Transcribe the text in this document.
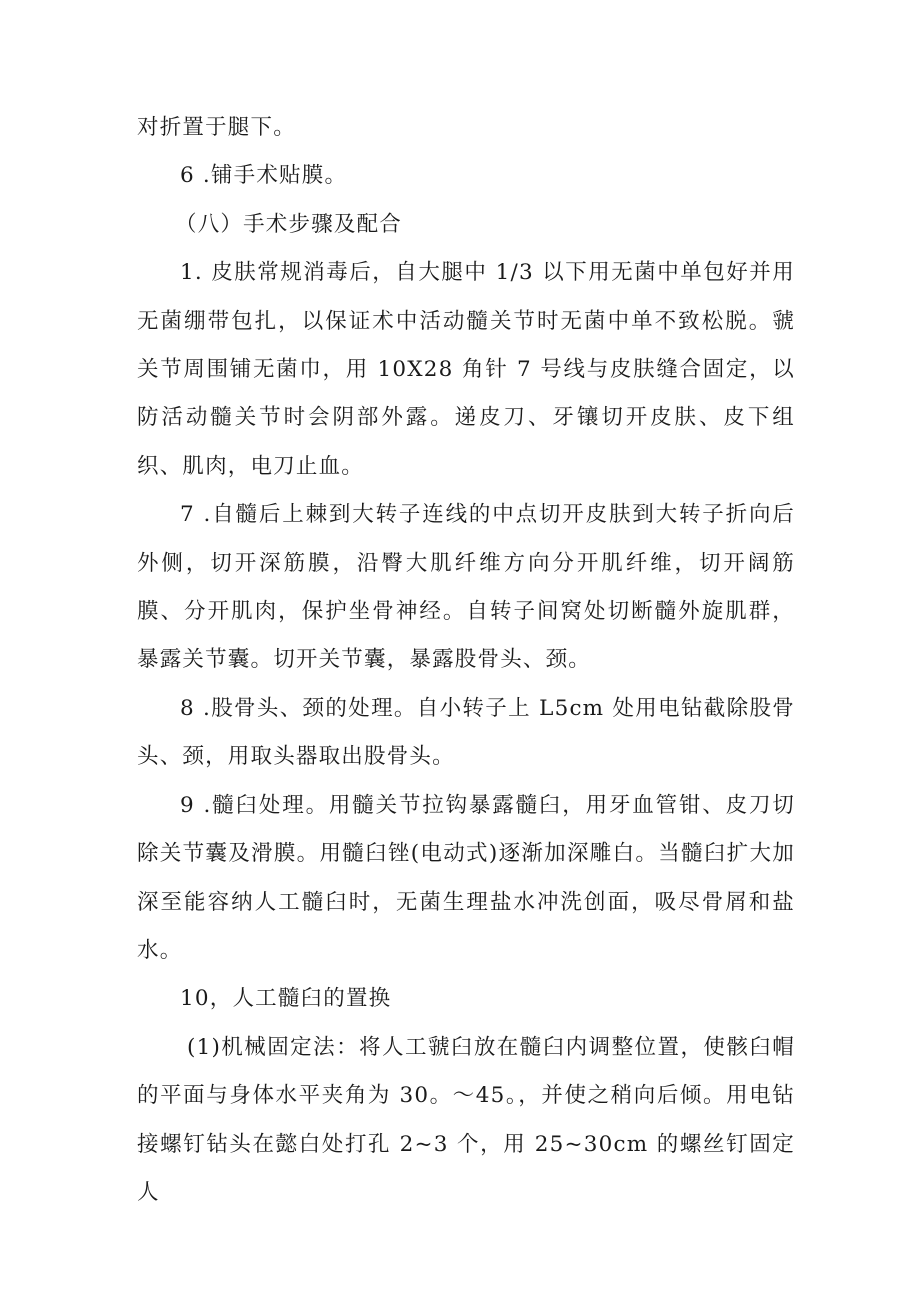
对折置于腿下。

6 .铺手术贴膜。

（八）手术步骤及配合

1. 皮肤常规消毒后，自大腿中 1/3 以下用无菌中单包好并用无菌绷带包扎，以保证术中活动髓关节时无菌中单不致松脱。虢关节周围铺无菌巾，用 10X28 角针 7 号线与皮肤缝合固定，以防活动髓关节时会阴部外露。递皮刀、牙镶切开皮肤、皮下组织、肌肉，电刀止血。

7 .自髓后上棘到大转子连线的中点切开皮肤到大转子折向后外侧，切开深筋膜，沿臀大肌纤维方向分开肌纤维，切开阔筋膜、分开肌肉，保护坐骨神经。自转子间窝处切断髓外旋肌群，暴露关节囊。切开关节囊，暴露股骨头、颈。

8 .股骨头、颈的处理。自小转子上 L5cm 处用电钻截除股骨头、颈，用取头器取出股骨头。

9 .髓臼处理。用髓关节拉钩暴露髓臼，用牙血管钳、皮刀切除关节囊及滑膜。用髓臼锉(电动式)逐渐加深雕白。当髓臼扩大加深至能容纳人工髓臼时，无菌生理盐水冲洗创面，吸尽骨屑和盐水。

10，人工髓臼的置换

(1)机械固定法：将人工虢臼放在髓臼内调整位置，使骸臼帽的平面与身体水平夹角为 30。～45。，并使之稍向后倾。用电钻接螺钉钻头在懿白处打孔 2~3 个，用 25~30cm 的螺丝钉固定人
